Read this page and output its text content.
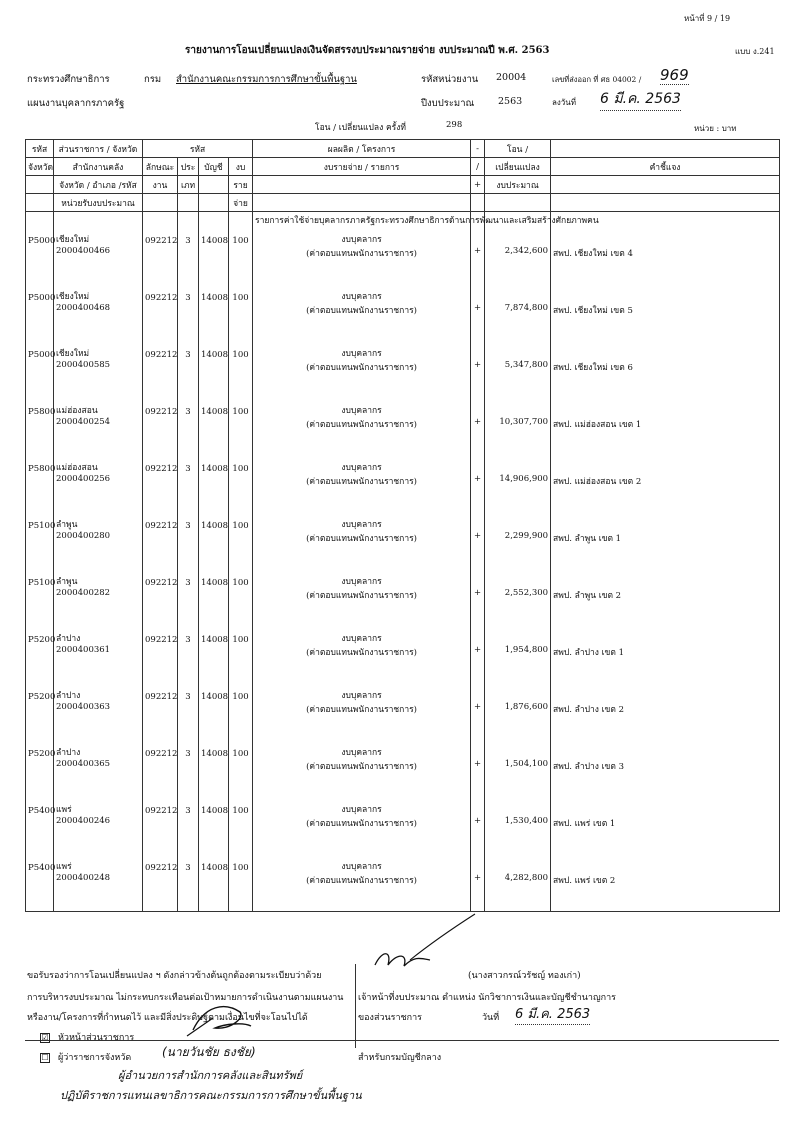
หน้าที่ 9 / 19
รายงานการโอนเปลี่ยนแปลงเงินจัดสรรงบประมาณรายจ่าย งบประมาณปี พ.ศ. 2563	แบบ ง.241
กระทรวงศึกษาธิการ	กรม สำนักงานคณะกรรมการการศึกษาขั้นพื้นฐาน	รหัสหน่วยงาน 20004	เลขที่ส่งออก ที่ ศธ 04002 / 969
แผนงานบุคลากรภาครัฐ	ปีงบประมาณ 2563	ลงวันที่ 6 มี.ค. 2563
โอน / เปลี่ยนแปลง ครั้งที่	298	หน่วย : บาท
รหัส	ส่วนราชการ / จังหวัด	รหัส				ผลผลิต / โครงการ	-	โอน /	
จังหวัด	สำนักงานคลัง	ลักษณะ	ประ	บัญชี	งบ	งบรายจ่าย / รายการ	/	เปลี่ยนแปลง	คำชี้แจง
	จังหวัด / อำเภอ /รหัส	งาน	เภท		ราย		+	งบประมาณ	
	หน่วยรับงบประมาณ				จ่าย				
						รายการค่าใช้จ่ายบุคลากรภาครัฐกระทรวงศึกษาธิการด้านการพัฒนาและเสริมสร้างศักยภาพคน			
P5000	เชียงใหม่	092212	3	14008	100	งบบุคลากร			
	2000400466					(ค่าตอบแทนพนักงานราชการ)	+	2,342,600	สพป. เชียงใหม่ เขต 4
P5000	เชียงใหม่	092212	3	14008	100	งบบุคลากร			
	2000400468					(ค่าตอบแทนพนักงานราชการ)	+	7,874,800	สพป. เชียงใหม่ เขต 5
P5000	เชียงใหม่	092212	3	14008	100	งบบุคลากร			
	2000400585					(ค่าตอบแทนพนักงานราชการ)	+	5,347,800	สพป. เชียงใหม่ เขต 6
P5800	แม่ฮ่องสอน	092212	3	14008	100	งบบุคลากร			
	2000400254					(ค่าตอบแทนพนักงานราชการ)	+	10,307,700	สพป. แม่ฮ่องสอน เขต 1
P5800	แม่ฮ่องสอน	092212	3	14008	100	งบบุคลากร			
	2000400256					(ค่าตอบแทนพนักงานราชการ)	+	14,906,900	สพป. แม่ฮ่องสอน เขต 2
P5100	ลำพูน	092212	3	14008	100	งบบุคลากร			
	2000400280					(ค่าตอบแทนพนักงานราชการ)	+	2,299,900	สพป. ลำพูน เขต 1
P5100	ลำพูน	092212	3	14008	100	งบบุคลากร			
	2000400282					(ค่าตอบแทนพนักงานราชการ)	+	2,552,300	สพป. ลำพูน เขต 2
P5200	ลำปาง	092212	3	14008	100	งบบุคลากร			
	2000400361					(ค่าตอบแทนพนักงานราชการ)	+	1,954,800	สพป. ลำปาง เขต 1
P5200	ลำปาง	092212	3	14008	100	งบบุคลากร			
	2000400363					(ค่าตอบแทนพนักงานราชการ)	+	1,876,600	สพป. ลำปาง เขต 2
P5200	ลำปาง	092212	3	14008	100	งบบุคลากร			
	2000400365					(ค่าตอบแทนพนักงานราชการ)	+	1,504,100	สพป. ลำปาง เขต 3
P5400	แพร่	092212	3	14008	100	งบบุคลากร			
	2000400246					(ค่าตอบแทนพนักงานราชการ)	+	1,530,400	สพป. แพร่ เขต 1
P5400	แพร่	092212	3	14008	100	งบบุคลากร			
	2000400248					(ค่าตอบแทนพนักงานราชการ)	+	4,282,800	สพป. แพร่ เขต 2
ขอรับรองว่าการโอนเปลี่ยนแปลง ฯ ดังกล่าวข้างต้นถูกต้องตามระเบียบว่าด้วย
การบริหารงบประมาณ ไม่กระทบกระเทือนต่อเป้าหมายการดำเนินงานตามแผนงาน
หรืองาน/โครงการที่กำหนดไว้ และมีสิ่งประดิษฐ์ตามเงื่อนไขที่จะโอนไปได้
☑ หัวหน้าส่วนราชการ
☐ ผู้ว่าราชการจังหวัด	(นายวันชัย ธงชัย)
ผู้อำนวยการสำนักการคลังและสินทรัพย์
ปฏิบัติราชการแทนเลขาธิการคณะกรรมการการศึกษาขั้นพื้นฐาน
(นางสาวกรณ์วรัชญ์ ทองเก่า)
เจ้าหน้าที่งบประมาณ ตำแหน่ง นักวิชาการเงินและบัญชีชำนาญการ
ของส่วนราชการ	วันที่ 6 มี.ค. 2563
สำหรับกรมบัญชีกลาง
